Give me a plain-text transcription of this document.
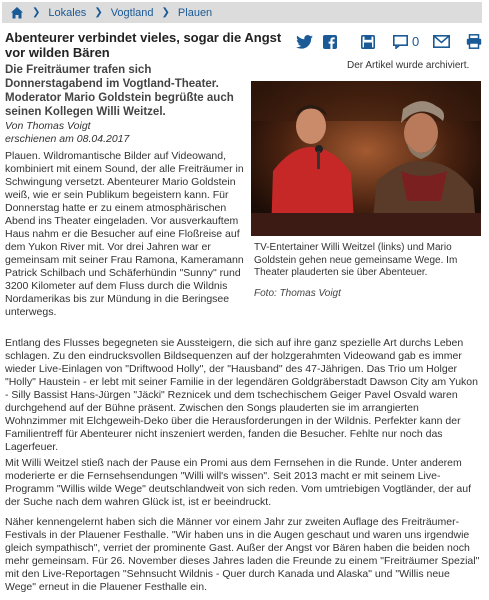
❯ Lokales ❯ Vogtland ❯ Plauen
Abenteurer verbindet vieles, sogar die Angst vor wilden Bären
0
Der Artikel wurde archiviert.
Die Freiträumer trafen sich Donnerstagabend im Vogtland-Theater. Moderator Mario Goldstein begrüßte auch seinen Kollegen Willi Weitzel.
Von Thomas Voigt
erschienen am 08.04.2017
TV-Entertainer Willi Weitzel (links) und Mario Goldstein gehen neue gemeinsame Wege. Im Theater plauderten sie über Abenteuer.
Foto: Thomas Voigt

Plauen. Wildromantische Bilder auf Videowand, kombiniert mit einem Sound, der alle Freiträumer in Schwingung versetzt. Abenteurer Mario Goldstein weiß, wie er sein Publikum begeistern kann. Für Donnerstag hatte er zu einem atmosphärischen Abend ins Theater eingeladen. Vor ausverkauftem Haus nahm er die Besucher auf eine Floßreise auf dem Yukon River mit. Vor drei Jahren war er gemeinsam mit seiner Frau Ramona, Kameramann Patrick Schilbach und Schäferhündin "Sunny" rund 3200 Kilometer auf dem Fluss durch die Wildnis Nordamerikas bis zur Mündung in die Beringsee unterwegs.

Entlang des Flusses begegneten sie Aussteigern, die sich auf ihre ganz spezielle Art durchs Leben schlagen. Zu den eindrucksvollen Bildsequenzen auf der holzgerahmten Videowand gab es immer wieder Live-Einlagen von "Driftwood Holly", der "Hausband" des 47-Jährigen. Das Trio um Holger "Holly" Haustein - er lebt mit seiner Familie in der legendären Goldgräberstadt Dawson City am Yukon - Silly Bassist Hans-Jürgen "Jäcki" Reznicek und dem tschechischem Geiger Pavel Osvald waren durchgehend auf der Bühne präsent. Zwischen den Songs plauderten sie im arrangierten Wohnzimmer mit Elchgeweih-Deko über die Herausforderungen in der Wildnis. Perfekter kann der Familientreff für Abenteurer nicht inszeniert werden, fanden die Besucher. Fehlte nur noch das Lagerfeuer.

Mit Willi Weitzel stieß nach der Pause ein Promi aus dem Fernsehen in die Runde. Unter anderem moderierte er die Fernsehsendungen "Willi will's wissen". Seit 2013 macht er mit seinem Live-Programm "Willis wilde Wege" deutschlandweit von sich reden. Vom umtriebigen Vogtländer, der auf der Suche nach dem wahren Glück ist, ist er beeindruckt.

Näher kennengelernt haben sich die Männer vor einem Jahr zur zweiten Auflage des Freiträumer-Festivals in der Plauener Festhalle. "Wir haben uns in die Augen geschaut und waren uns irgendwie gleich sympathisch", verriet der prominente Gast. Außer der Angst vor Bären haben die beiden noch mehr gemeinsam. Für 26. November dieses Jahres laden die Freunde zu einem "Freiträumer Spezial" mit den Live-Reportagen "Sehnsucht Wildnis - Quer durch Kanada und Alaska" und "Willis neue Wege" erneut in die Plauener Festhalle ein.
